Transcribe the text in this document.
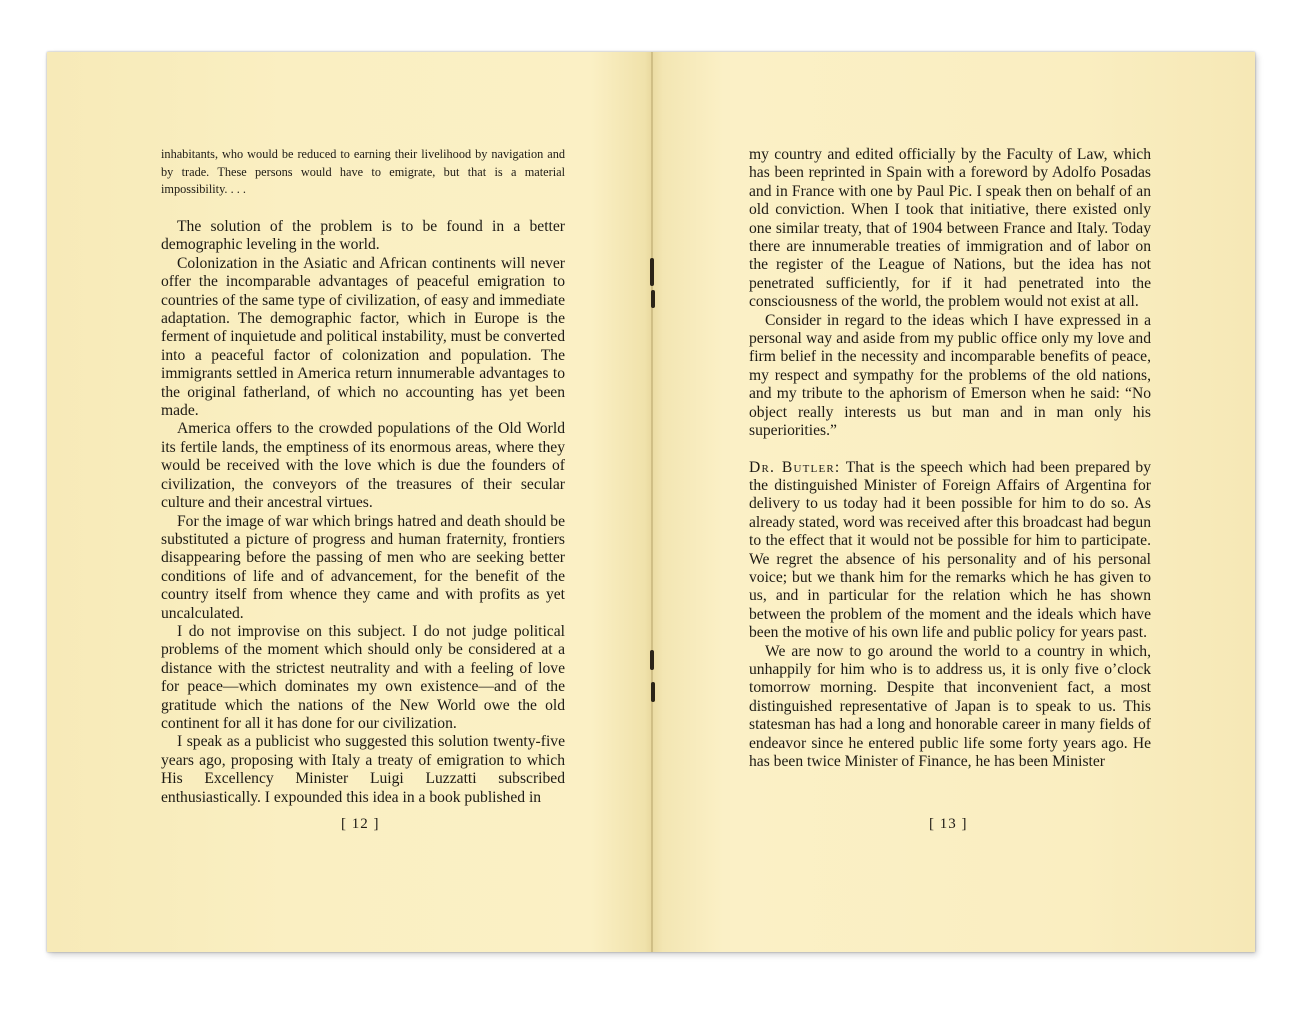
inhabitants, who would be reduced to earning their livelihood by navigation and by trade. These persons would have to emigrate, but that is a material impossibility. . . .

The solution of the problem is to be found in a better demographic leveling in the world.

Colonization in the Asiatic and African continents will never offer the incomparable advantages of peaceful emigration to countries of the same type of civilization, of easy and immediate adaptation. The demographic factor, which in Europe is the ferment of inquietude and political instability, must be converted into a peaceful factor of colonization and population. The immigrants settled in America return innumerable advantages to the original fatherland, of which no accounting has yet been made.

America offers to the crowded populations of the Old World its fertile lands, the emptiness of its enormous areas, where they would be received with the love which is due the founders of civilization, the conveyors of the treasures of their secular culture and their ancestral virtues.

For the image of war which brings hatred and death should be substituted a picture of progress and human fraternity, frontiers disappearing before the passing of men who are seeking better conditions of life and of advancement, for the benefit of the country itself from whence they came and with profits as yet uncalculated.

I do not improvise on this subject. I do not judge political problems of the moment which should only be considered at a distance with the strictest neutrality and with a feeling of love for peace—which dominates my own existence—and of the gratitude which the nations of the New World owe the old continent for all it has done for our civilization.

I speak as a publicist who suggested this solution twenty-five years ago, proposing with Italy a treaty of emigration to which His Excellency Minister Luigi Luzzatti subscribed enthusiastically. I expounded this idea in a book published in

[ 12 ]

my country and edited officially by the Faculty of Law, which has been reprinted in Spain with a foreword by Adolfo Posadas and in France with one by Paul Pic. I speak then on behalf of an old conviction. When I took that initiative, there existed only one similar treaty, that of 1904 between France and Italy. Today there are innumerable treaties of immigration and of labor on the register of the League of Nations, but the idea has not penetrated sufficiently, for if it had penetrated into the consciousness of the world, the problem would not exist at all.

Consider in regard to the ideas which I have expressed in a personal way and aside from my public office only my love and firm belief in the necessity and incomparable benefits of peace, my respect and sympathy for the problems of the old nations, and my tribute to the aphorism of Emerson when he said: “No object really interests us but man and in man only his superiorities.”

Dr. Butler: That is the speech which had been prepared by the distinguished Minister of Foreign Affairs of Argentina for delivery to us today had it been possible for him to do so. As already stated, word was received after this broadcast had begun to the effect that it would not be possible for him to participate. We regret the absence of his personality and of his personal voice; but we thank him for the remarks which he has given to us, and in particular for the relation which he has shown between the problem of the moment and the ideals which have been the motive of his own life and public policy for years past.

We are now to go around the world to a country in which, unhappily for him who is to address us, it is only five o’clock tomorrow morning. Despite that inconvenient fact, a most distinguished representative of Japan is to speak to us. This statesman has had a long and honorable career in many fields of endeavor since he entered public life some forty years ago. He has been twice Minister of Finance, he has been Minister

[ 13 ]
